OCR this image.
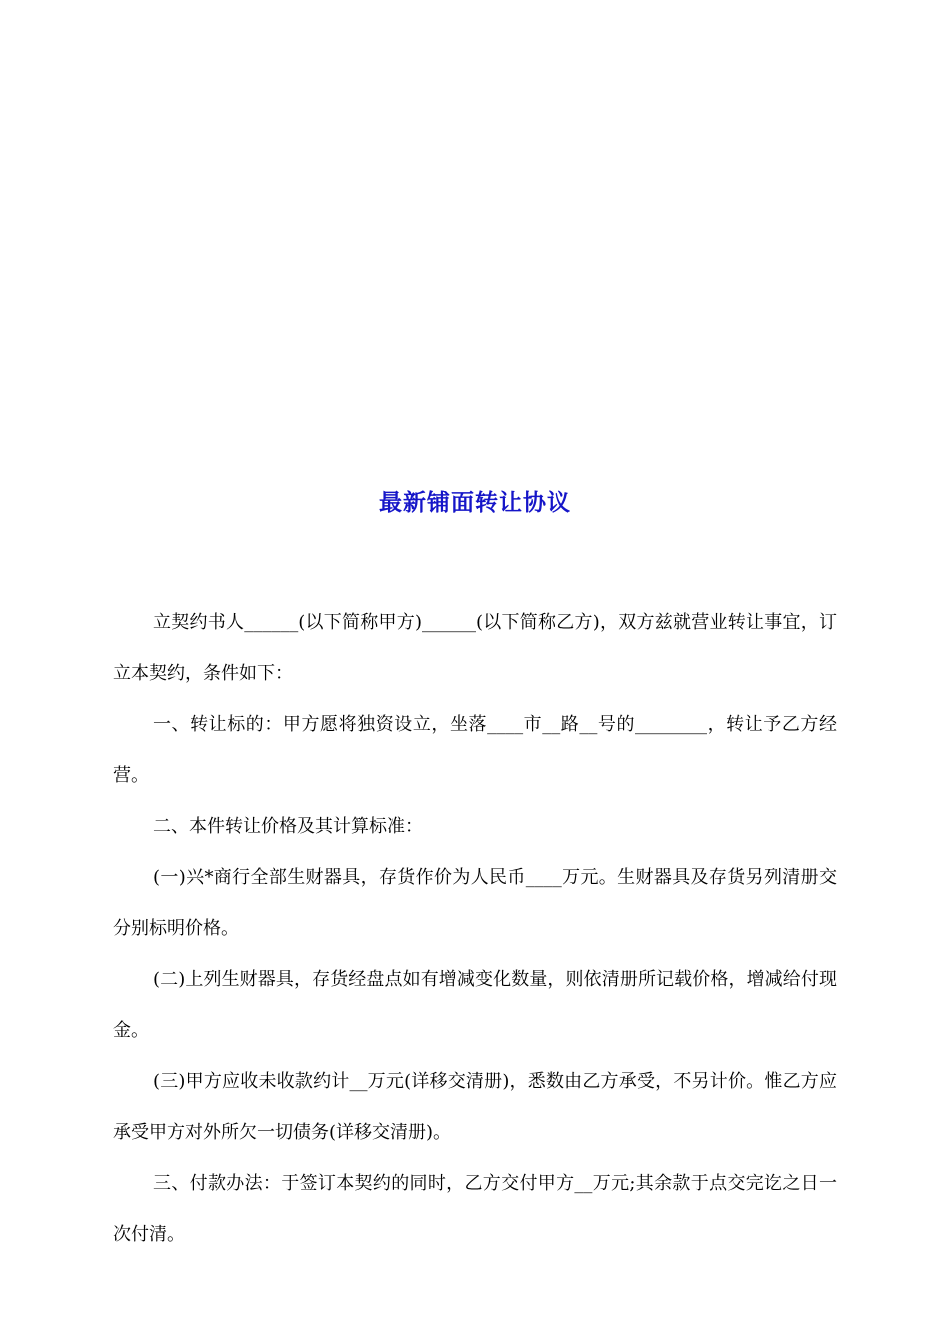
最新铺面转让协议

立契约书人______(以下简称甲方)______(以下简称乙方)，双方兹就营业转让事宜，订立本契约，条件如下：

一、转让标的：甲方愿将独资设立，坐落____市__路__号的________，转让予乙方经营。

二、本件转让价格及其计算标准：

(一)兴*商行全部生财器具，存货作价为人民币____万元。生财器具及存货另列清册交分别标明价格。

(二)上列生财器具，存货经盘点如有增减变化数量，则依清册所记载价格，增减给付现金。

(三)甲方应收未收款约计__万元(详移交清册)，悉数由乙方承受，不另计价。惟乙方应承受甲方对外所欠一切债务(详移交清册)。

三、付款办法：于签订本契约的同时，乙方交付甲方__万元;其余款于点交完讫之日一次付清。
